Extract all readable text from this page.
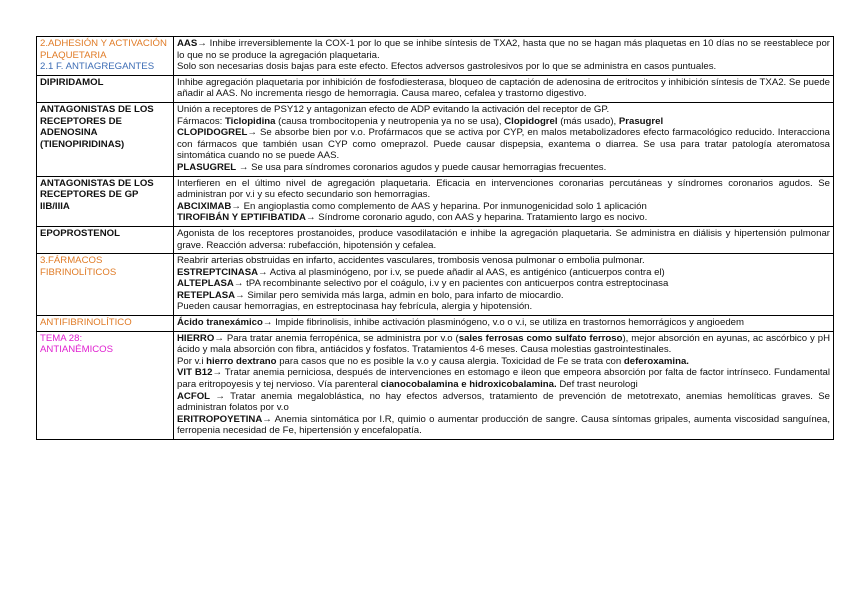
2.ADHESIÓN Y ACTIVACIÓN PLAQUETARIA
2.1 F. ANTIAGREGANTES	AAS→ Inhibe irreversiblemente la COX-1 por lo que se inhibe síntesis de TXA2, hasta que no se hagan más plaquetas en 10 días no se reestablece por lo que no se produce la agregación plaquetaria.
Solo son necesarias dosis bajas para este efecto. Efectos adversos gastrolesivos por lo que se administra en casos puntuales.

DIPIRIDAMOL	Inhibe agregación plaquetaria por inhibición de fosfodiesterasa, bloqueo de captación de adenosina de eritrocitos y inhibición síntesis de TXA2. Se puede añadir al AAS. No incrementa riesgo de hemorragia. Causa mareo, cefalea y trastorno digestivo.

ANTAGONISTAS DE LOS RECEPTORES DE ADENOSINA (TIENOPIRIDINAS)	Unión a receptores de PSY12 y antagonizan efecto de ADP evitando la activación del receptor de GP.
Fármacos: Ticlopidina (causa trombocitopenia y neutropenia ya no se usa), Clopidogrel (más usado), Prasugrel
CLOPIDOGREL→ Se absorbe bien por v.o. Profármacos que se activa por CYP, en malos metabolizadores efecto farmacológico reducido. Interacciona con fármacos que también usan CYP como omeprazol. Puede causar dispepsia, exantema o diarrea. Se usa para tratar patología ateromatosa sintomática cuando no se puede AAS.
PLASUGREL → Se usa para síndromes coronarios agudos y puede causar hemorragias frecuentes.

ANTAGONISTAS DE LOS RECEPTORES DE GP IIB/IIIA	Interfieren en el último nivel de agregación plaquetaria. Eficacia en intervenciones coronarias percutáneas y síndromes coronarios agudos. Se administran por v.i y su efecto secundario son hemorragias.
ABCIXIMAB→ En angioplastia como complemento de AAS y heparina. Por inmunogenicidad solo 1 aplicación
TIROFIBÁN Y EPTIFIBATIDA→ Síndrome coronario agudo, con AAS y heparina. Tratamiento largo es nocivo.

EPOPROSTENOL	Agonista de los receptores prostanoides, produce vasodilatación e inhibe la agregación plaquetaria. Se administra en diálisis y hipertensión pulmonar grave. Reacción adversa: rubefacción, hipotensión y cefalea.

3.FÁRMACOS FIBRINOLÍTICOS	Reabrir arterias obstruidas en infarto, accidentes vasculares, trombosis venosa pulmonar o embolia pulmonar.
ESTREPTCINASA→ Activa al plasminógeno, por i.v, se puede añadir al AAS, es antigénico (anticuerpos contra el)
ALTEPLASA→ tPA recombinante selectivo por el coágulo, i.v y en pacientes con anticuerpos contra estreptocinasa
RETEPLASA→ Similar pero semivida más larga, admin en bolo, para infarto de miocardio.
Pueden causar hemorragias, en estreptocinasa hay febrícula, alergia y hipotensión.

ANTIFIBRINOLÍTICO	Ácido tranexámico→ Impide fibrinolisis, inhibe activación plasminógeno, v.o o v.i, se utiliza en trastornos hemorrágicos y angioedem

TEMA 28:
ANTIANÉMICOS	HIERRO→ Para tratar anemia ferropénica, se administra por v.o (sales ferrosas como sulfato ferroso), mejor absorción en ayunas, ac ascórbico y pH ácido y mala absorción con fibra, antiácidos y fosfatos. Tratamientos 4-6 meses. Causa molestias gastrointestinales.
Por v.i hierro dextrano para casos que no es posible la v.o y causa alergia. Toxicidad de Fe se trata con deferoxamina.
VIT B12→ Tratar anemia perniciosa, después de intervenciones en estomago e ileon que empeora absorción por falta de factor intrínseco. Fundamental para eritropoyesis y tej nervioso. Vía parenteral cianocobalamina e hidroxicobalamina. Def trast neurologi
ACFOL → Tratar anemia megaloblástica, no hay efectos adversos, tratamiento de prevención de metotrexato, anemias hemolíticas graves. Se administran folatos por v.o
ERITROPOYETINA→ Anemia sintomática por I.R, quimio o aumentar producción de sangre. Causa síntomas gripales, aumenta viscosidad sanguínea, ferropenia necesidad de Fe, hipertensión y encefalopatía.
